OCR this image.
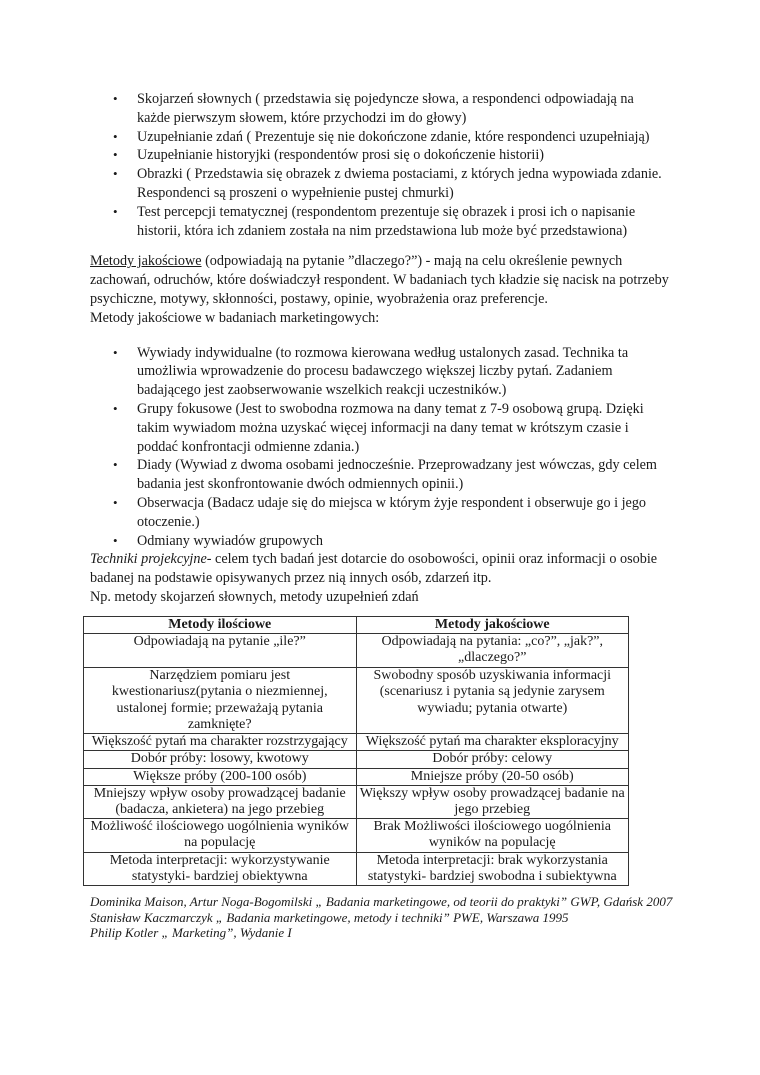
• Skojarzeń słownych ( przedstawia się pojedyncze słowa, a respondenci odpowiadają na każde pierwszym słowem, które przychodzi im do głowy)
• Uzupełnianie zdań ( Prezentuje się nie dokończone zdanie, które respondenci uzupełniają)
• Uzupełnianie historyjki (respondentów prosi się o dokończenie historii)
• Obrazki ( Przedstawia się obrazek z dwiema postaciami, z których jedna wypowiada zdanie. Respondenci są proszeni o wypełnienie pustej chmurki)
• Test percepcji tematycznej (respondentom prezentuje się obrazek i prosi ich o napisanie historii, która ich zdaniem została na nim przedstawiona lub może być przedstawiona)

Metody jakościowe (odpowiadają na pytanie ”dlaczego?”) - mają na celu określenie pewnych zachowań, odruchów, które doświadczył respondent. W badaniach tych kładzie się nacisk na potrzeby psychiczne, motywy, skłonności, postawy, opinie, wyobrażenia oraz preferencje.

Metody jakościowe w badaniach marketingowych:

• Wywiady indywidualne (to rozmowa kierowana według ustalonych zasad. Technika ta umożliwia wprowadzenie do procesu badawczego większej liczby pytań. Zadaniem badającego jest zaobserwowanie wszelkich reakcji uczestników.)
• Grupy fokusowe (Jest to swobodna rozmowa na dany temat z 7-9 osobową grupą. Dzięki takim wywiadom można uzyskać więcej informacji na dany temat w krótszym czasie i poddać konfrontacji odmienne zdania.)
• Diady (Wywiad z dwoma osobami jednocześnie. Przeprowadzany jest wówczas, gdy celem badania jest skonfrontowanie dwóch odmiennych opinii.)
• Obserwacja (Badacz udaje się do miejsca w którym żyje respondent i obserwuje go i jego otoczenie.)
• Odmiany wywiadów grupowych

Techniki projekcyjne- celem tych badań jest dotarcie do osobowości, opinii oraz informacji o osobie badanej na podstawie opisywanych przez nią innych osób, zdarzeń itp.

Np. metody skojarzeń słownych, metody uzupełnień zdań

Metody ilościowe	Metody jakościowe
Odpowiadają na pytanie „ile?”	Odpowiadają na pytania: „co?”, „jak?”, „dlaczego?”
Narzędziem pomiaru jest kwestionariusz(pytania o niezmiennej, ustalonej formie; przeważają pytania zamknięte?	Swobodny sposób uzyskiwania informacji (scenariusz i pytania są jedynie zarysem wywiadu; pytania otwarte)
Większość pytań ma charakter rozstrzygający	Większość pytań ma charakter eksploracyjny
Dobór próby: losowy, kwotowy	Dobór próby: celowy
Większe próby (200-100 osób)	Mniejsze próby (20-50 osób)
Mniejszy wpływ osoby prowadzącej badanie (badacza, ankietera) na jego przebieg	Większy wpływ osoby prowadzącej badanie na jego przebieg
Możliwość ilościowego uogólnienia wyników na populację	Brak Możliwości ilościowego uogólnienia wyników na populację
Metoda interpretacji: wykorzystywanie statystyki- bardziej obiektywna	Metoda interpretacji: brak wykorzystania statystyki- bardziej swobodna i subiektywna
Dominika Maison, Artur Noga-Bogomilski „ Badania marketingowe, od teorii do praktyki” GWP, Gdańsk 2007
Stanisław Kaczmarczyk „ Badania marketingowe, metody i techniki” PWE, Warszawa 1995
Philip Kotler „ Marketing”, Wydanie I
